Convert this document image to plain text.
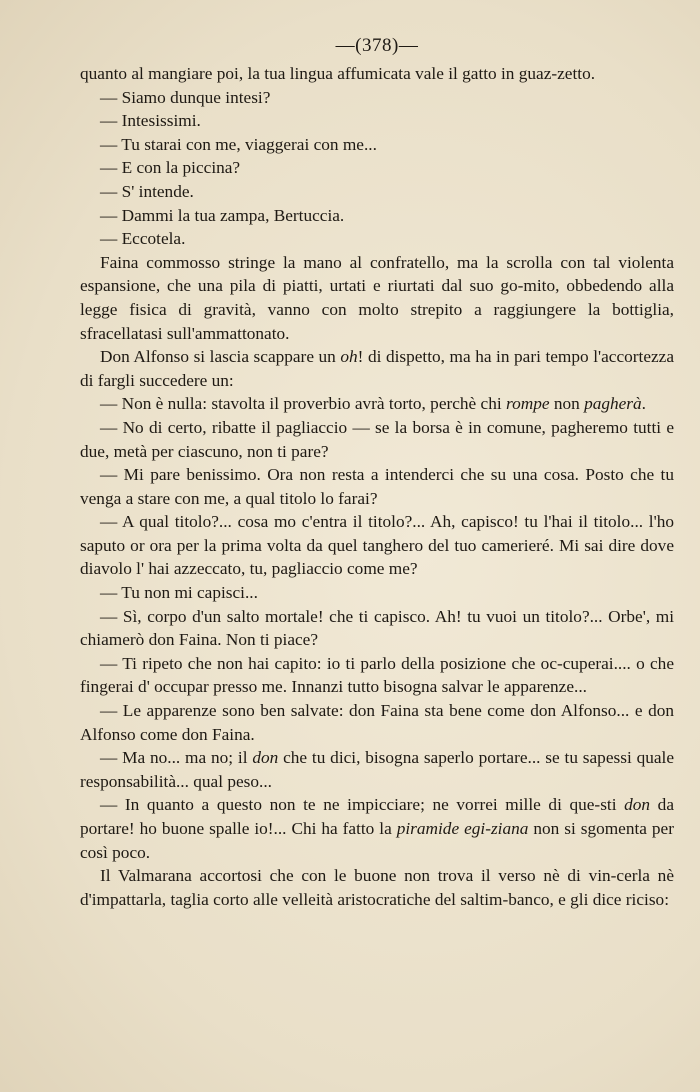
—(378)—

quanto al mangiare poi, la tua lingua affumicata vale il gatto in guaz-zetto.

— Siamo dunque intesi?

— Intesissimi.

— Tu starai con me, viaggerai con me...

— E con la piccina?

— S' intende.

— Dammi la tua zampa, Bertuccia.

— Eccotela.

Faina commosso stringe la mano al confratello, ma la scrolla con tal violenta espansione, che una pila di piatti, urtati e riurtati dal suo go-mito, obbedendo alla legge fisica di gravità, vanno con molto strepito a raggiungere la bottiglia, sfracellatasi sull'ammattonato.

Don Alfonso si lascia scappare un oh! di dispetto, ma ha in pari tempo l'accortezza di fargli succedere un:

— Non è nulla: stavolta il proverbio avrà torto, perchè chi rompe non pagherà.

— No di certo, ribatte il pagliaccio — se la borsa è in comune, pagheremo tutti e due, metà per ciascuno, non ti pare?

— Mi pare benissimo. Ora non resta a intenderci che su una cosa. Posto che tu venga a stare con me, a qual titolo lo farai?

— A qual titolo?... cosa mo c'entra il titolo?... Ah, capisco! tu l'hai il titolo... l'ho saputo or ora per la prima volta da quel tanghero del tuo camerieré. Mi sai dire dove diavolo l' hai azzeccato, tu, pagliaccio come me?

— Tu non mi capisci...

— Sì, corpo d'un salto mortale! che ti capisco. Ah! tu vuoi un titolo?... Orbe', mi chiamerò don Faina. Non ti piace?

— Ti ripeto che non hai capito: io ti parlo della posizione che oc-cuperai.... o che fingerai d' occupar presso me. Innanzi tutto bisogna salvar le apparenze...

— Le apparenze sono ben salvate: don Faina sta bene come don Alfonso... e don Alfonso come don Faina.

— Ma no... ma no; il don che tu dici, bisogna saperlo portare... se tu sapessi quale responsabilità... qual peso...

— In quanto a questo non te ne impicciare; ne vorrei mille di que-sti don da portare! ho buone spalle io!... Chi ha fatto la piramide egi-ziana non si sgomenta per così poco.

Il Valmarana accortosi che con le buone non trova il verso nè di vin-cerla nè d'impattarla, taglia corto alle velleità aristocratiche del saltim-banco, e gli dice riciso:
